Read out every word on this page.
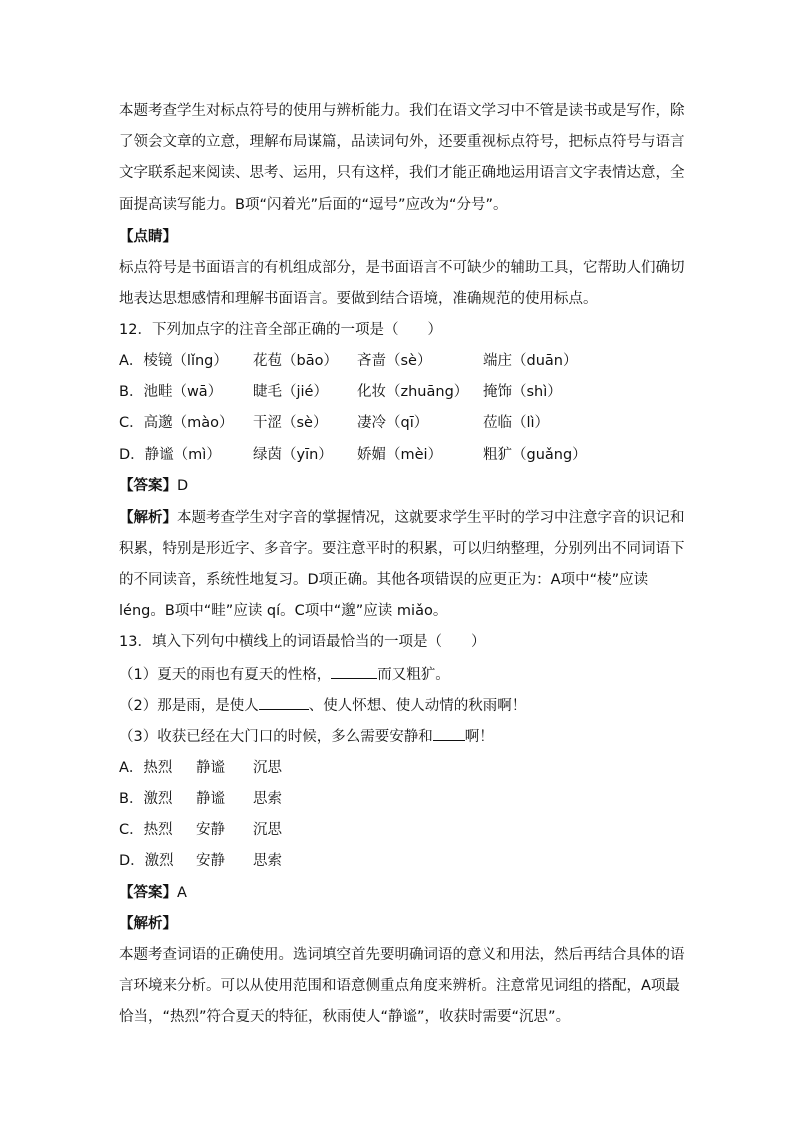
本题考查学生对标点符号的使用与辨析能力。我们在语文学习中不管是读书或是写作，除
了领会文章的立意，理解布局谋篇，品读词句外，还要重视标点符号，把标点符号与语言
文字联系起来阅读、思考、运用，只有这样，我们才能正确地运用语言文字表情达意，全
面提高读写能力。B项“闪着光”后面的“逗号”应改为“分号”。
【点睛】
标点符号是书面语言的有机组成部分，是书面语言不可缺少的辅助工具，它帮助人们确切
地表达思想感情和理解书面语言。要做到结合语境，准确规范的使用标点。
12．下列加点字的注音全部正确的一项是（　　）
A．棱镜（lǐng） 花苞（bāo） 吝啬（sè）	端庄（duān）
B．池畦（wā） 睫毛（jié） 化妆（zhuāng） 掩饰（shì）
C．高邈（mào） 干涩（sè） 凄冷（qī）	莅临（lì）
D．静谧（mì） 绿茵（yīn） 娇媚（mèi）	粗犷（guǎng）
【答案】D
【解析】本题考查学生对字音的掌握情况，这就要求学生平时的学习中注意字音的识记和
积累，特别是形近字、多音字。要注意平时的积累，可以归纳整理，分别列出不同词语下
的不同读音，系统性地复习。D项正确。其他各项错误的应更正为：A项中“棱”应读
léng。B项中“畦”应读 qí。C项中“邈”应读 miǎo。
13．填入下列句中横线上的词语最恰当的一项是（　　）
（1）夏天的雨也有夏天的性格，	而又粗犷。
（2）那是雨，是使人	、使人怀想、使人动情的秋雨啊！
（3）收获已经在大门口的时候，多么需要安静和 啊！
A．热烈 静谧 沉思
B．激烈 静谧 思索
C．热烈 安静 沉思
D．激烈 安静 思索
【答案】A
【解析】
本题考查词语的正确使用。选词填空首先要明确词语的意义和用法，然后再结合具体的语
言环境来分析。可以从使用范围和语意侧重点角度来辨析。注意常见词组的搭配，A项最
恰当，“热烈”符合夏天的特征，秋雨使人“静谧”，收获时需要“沉思”。
